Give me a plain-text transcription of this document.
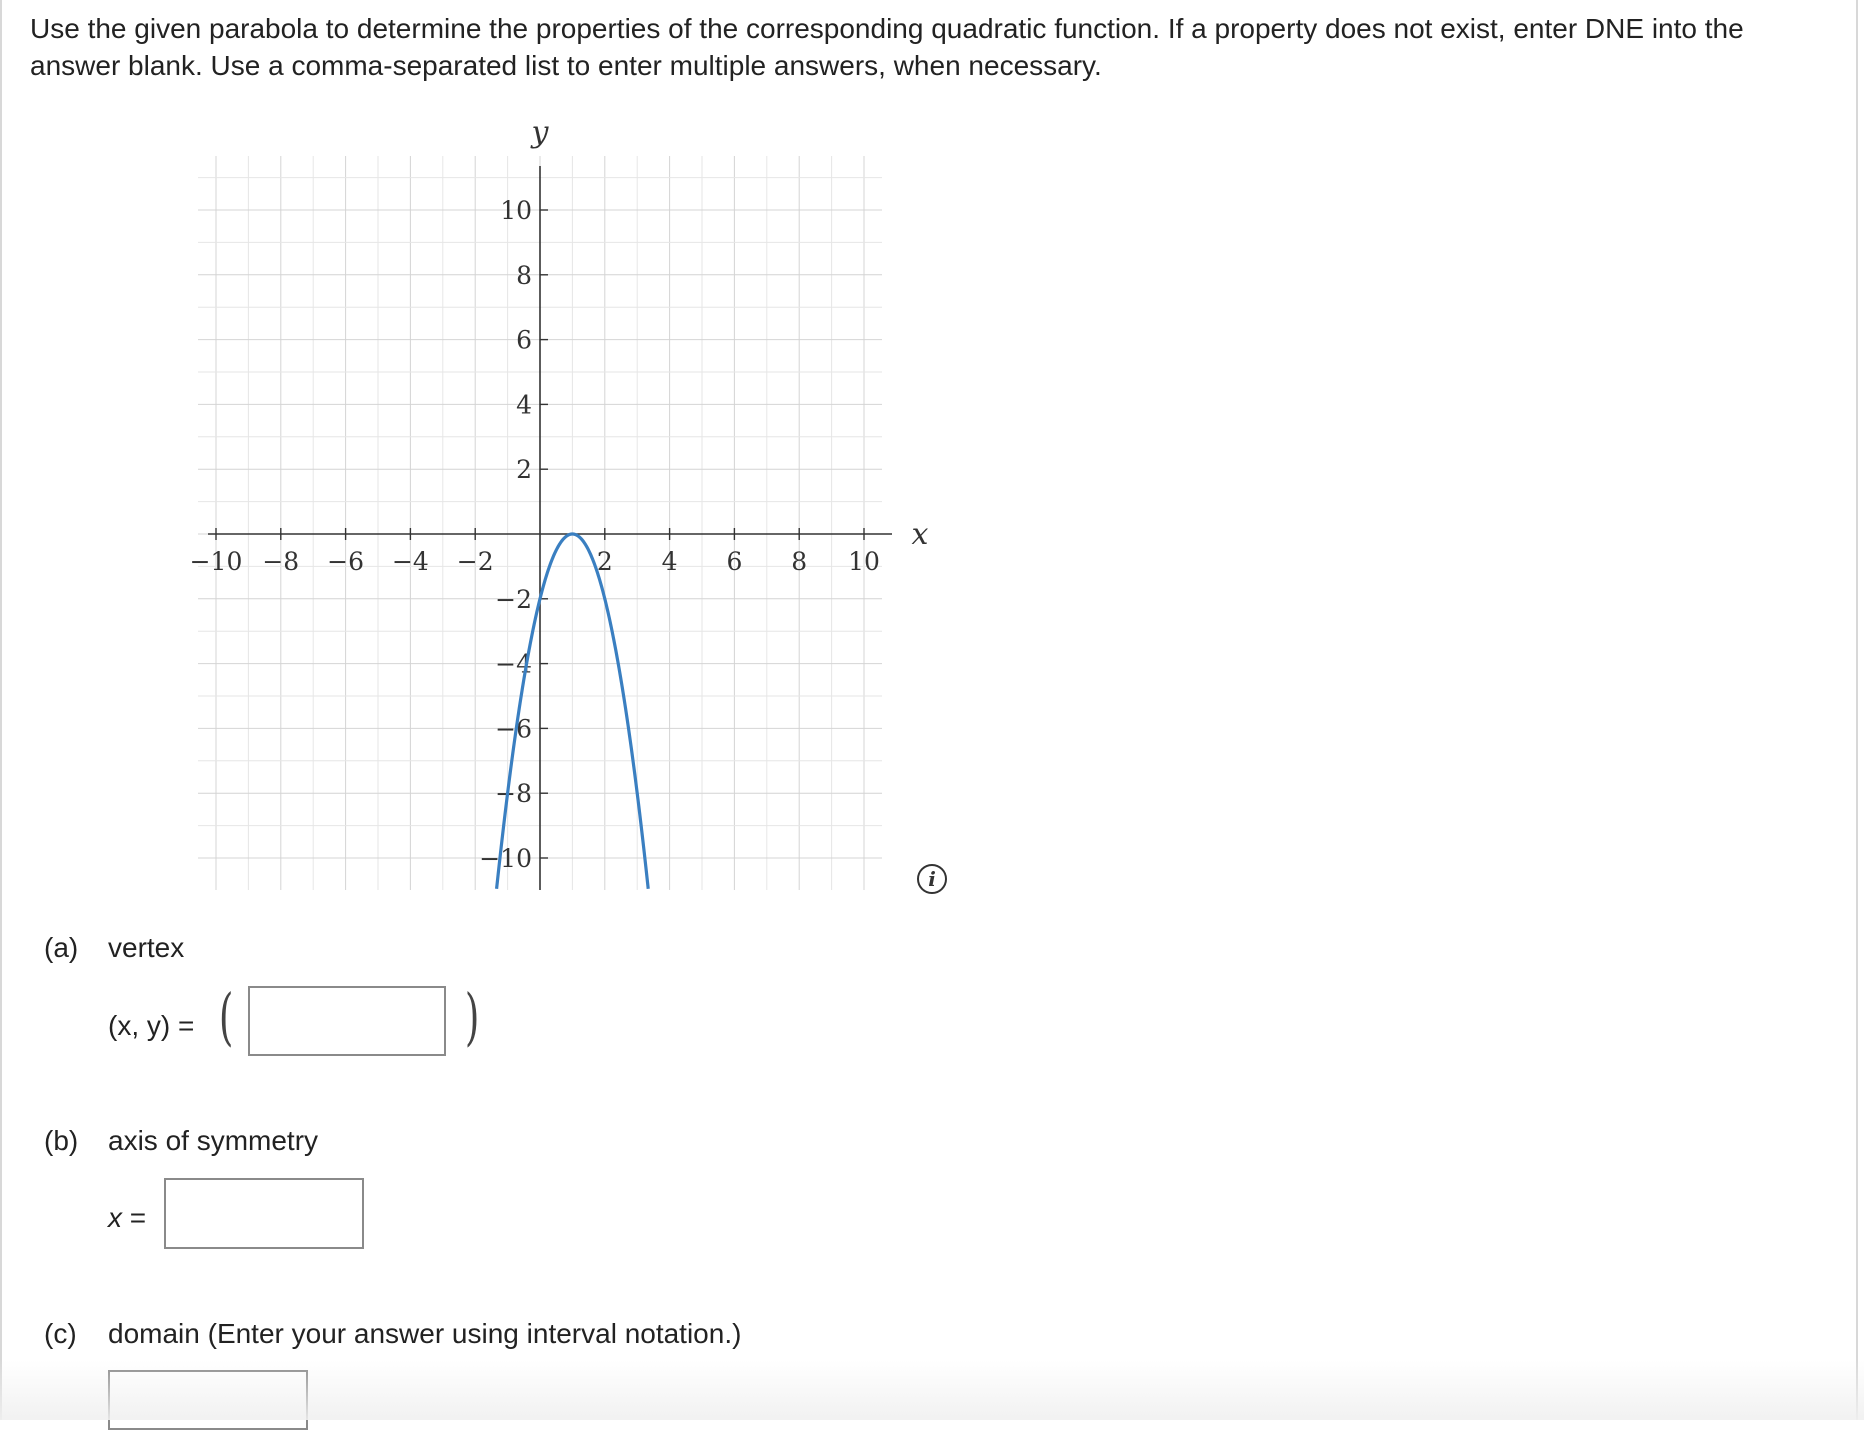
Use the given parabola to determine the properties of the corresponding quadratic function. If a property does not exist, enter DNE into the answer blank. Use a comma-separated list to enter multiple answers, when necessary.
−10 −8 −6 −4 −2	2 4 6 8 10
10
8
6
4
2
−2
−4
−6
−8
−10
x
y
i
(a) vertex
(x, y) = (	)
(b) axis of symmetry
x =
(c) domain (Enter your answer using interval notation.)
